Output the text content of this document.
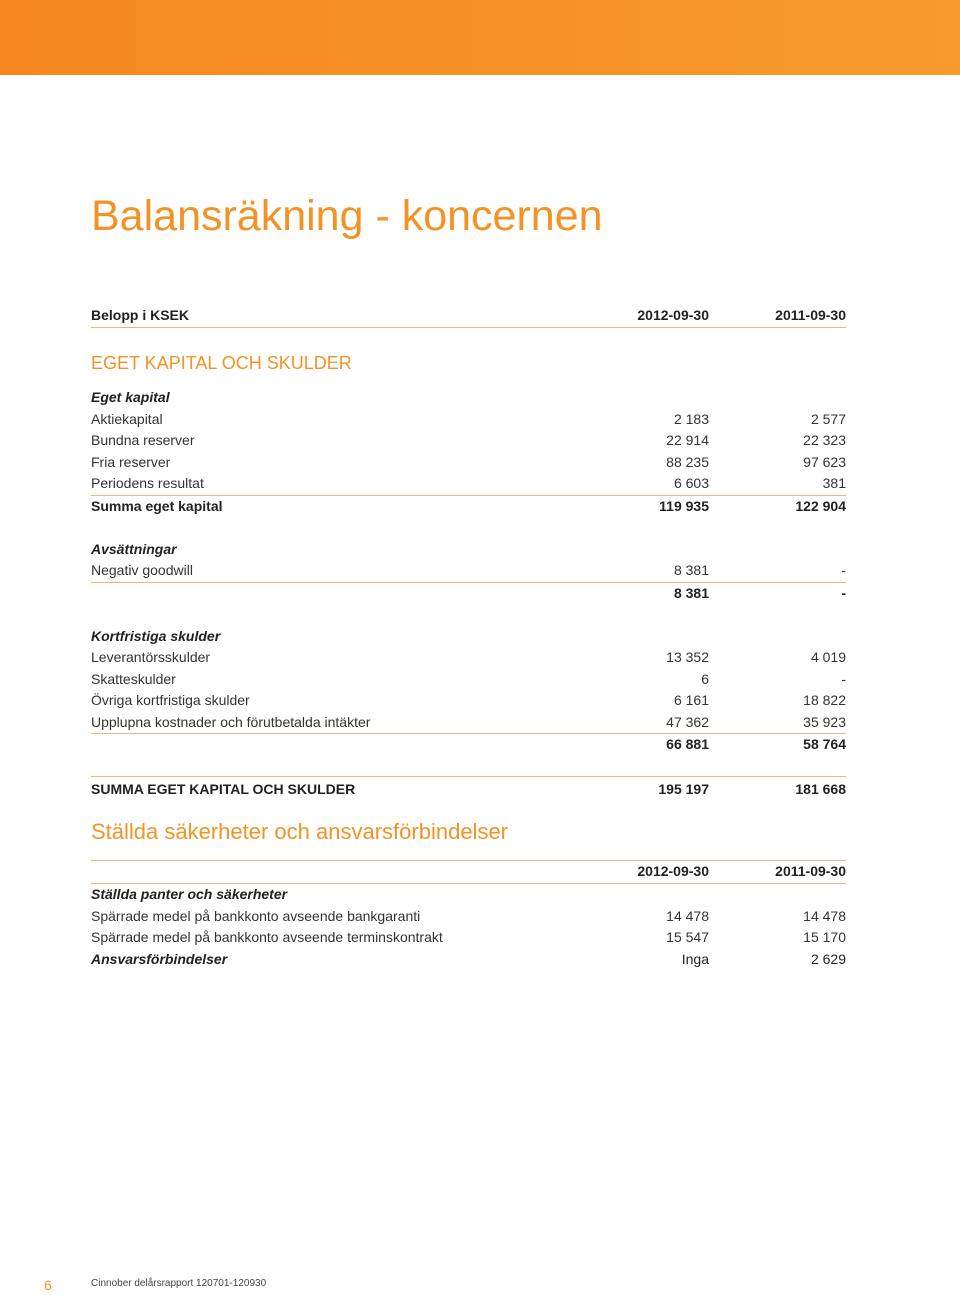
Balansräkning - koncernen
Belopp i KSEK	2012-09-30	2011-09-30
EGET KAPITAL OCH SKULDER
Eget kapital
Aktiekapital	2 183	2 577
Bundna reserver	22 914	22 323
Fria reserver	88 235	97 623
Periodens resultat	6 603	381
Summa eget kapital	119 935	122 904
Avsättningar
Negativ goodwill	8 381	-
8 381	-
Kortfristiga skulder
Leverantörsskulder	13 352	4 019
Skatteskulder	6	-
Övriga kortfristiga skulder	6 161	18 822
Upplupna kostnader och förutbetalda intäkter	47 362	35 923
66 881	58 764
SUMMA EGET KAPITAL OCH SKULDER	195 197	181 668
Ställda säkerheter och ansvarsförbindelser
2012-09-30	2011-09-30
Ställda panter och säkerheter
Spärrade medel på bankkonto avseende bankgaranti	14 478	14 478
Spärrade medel på bankkonto avseende terminskontrakt	15 547	15 170
Ansvarsförbindelser	Inga	2 629
6	Cinnober delårsrapport 120701-120930
